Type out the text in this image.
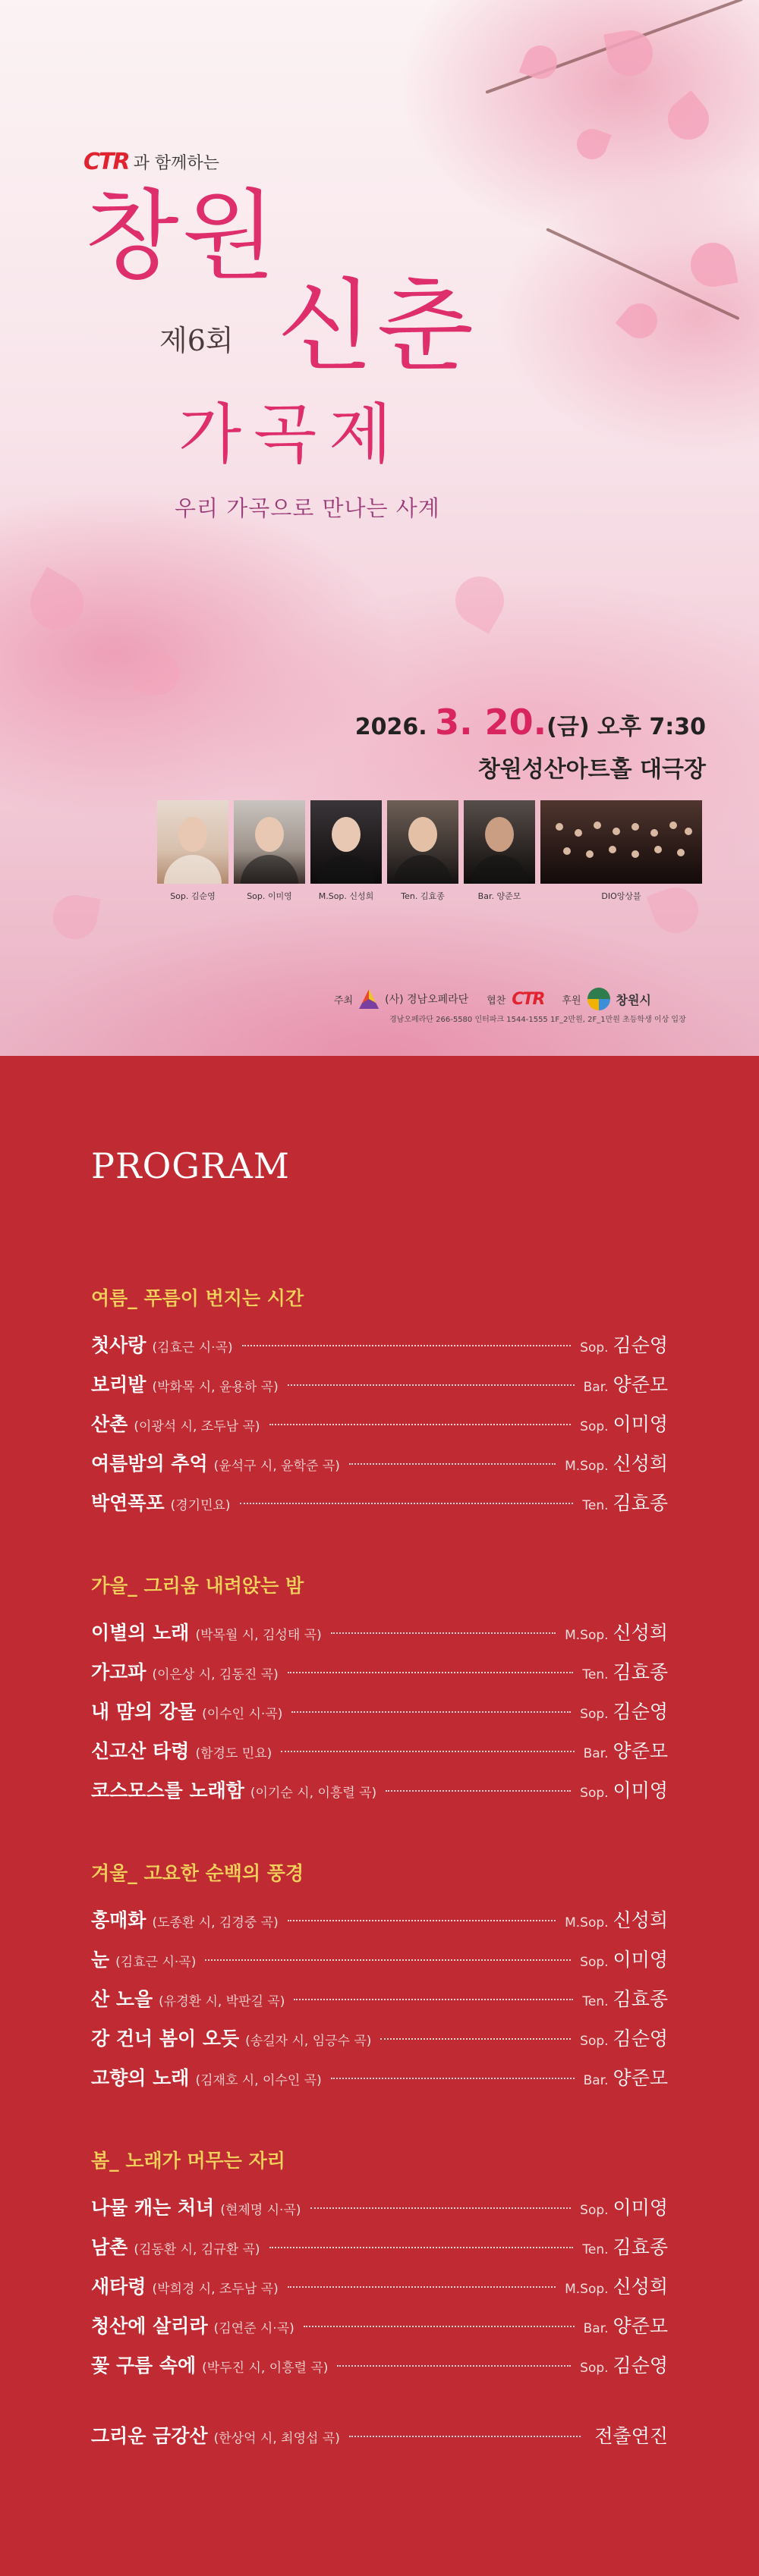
CTR 과 함께하는
창원
제6회 신춘
가곡제
우리 가곡으로 만나는 사계
2026. 3. 20.(금) 오후 7:30
창원성산아트홀 대극장
Sop. 김순영	Sop. 이미영	M.Sop. 신성희	Ten. 김효종	Bar. 양준모	DIO앙상블
주최	(사) 경남오페라단 협찬 CTR 후원	창원시
경남오페라단 266-5580 인터파크 1544-1555 1F_2만원, 2F_1만원 초등학생 이상 입장
PROGRAM
여름_ 푸름이 번지는 시간
첫사랑 (김효근 시·곡)	Sop. 김순영
보리밭 (박화목 시, 윤용하 곡)	Bar. 양준모
산촌 (이광석 시, 조두남 곡)	Sop. 이미영
여름밤의 추억 (윤석구 시, 윤학준 곡)	M.Sop. 신성희
박연폭포 (경기민요)	Ten. 김효종
가을_ 그리움 내려앉는 밤
이별의 노래 (박목월 시, 김성태 곡)	M.Sop. 신성희
가고파 (이은상 시, 김동진 곡)	Ten. 김효종
내 맘의 강물 (이수인 시·곡)	Sop. 김순영
신고산 타령 (함경도 민요)	Bar. 양준모
코스모스를 노래함 (이기순 시, 이흥렬 곡)	Sop. 이미영
겨울_ 고요한 순백의 풍경
홍매화 (도종환 시, 김경중 곡)	M.Sop. 신성희
눈 (김효근 시·곡)	Sop. 이미영
산 노을 (유경환 시, 박판길 곡)	Ten. 김효종
강 건너 봄이 오듯 (송길자 시, 임긍수 곡)	Sop. 김순영
고향의 노래 (김재호 시, 이수인 곡)	Bar. 양준모
봄_ 노래가 머무는 자리
나물 캐는 처녀 (현제명 시·곡)	Sop. 이미영
남촌 (김동환 시, 김규환 곡)	Ten. 김효종
새타령 (박희경 시, 조두남 곡)	M.Sop. 신성희
청산에 살리라 (김연준 시·곡)	Bar. 양준모
꽃 구름 속에 (박두진 시, 이흥렬 곡)	Sop. 김순영
그리운 금강산 (한상억 시, 최영섭 곡)	전출연진
